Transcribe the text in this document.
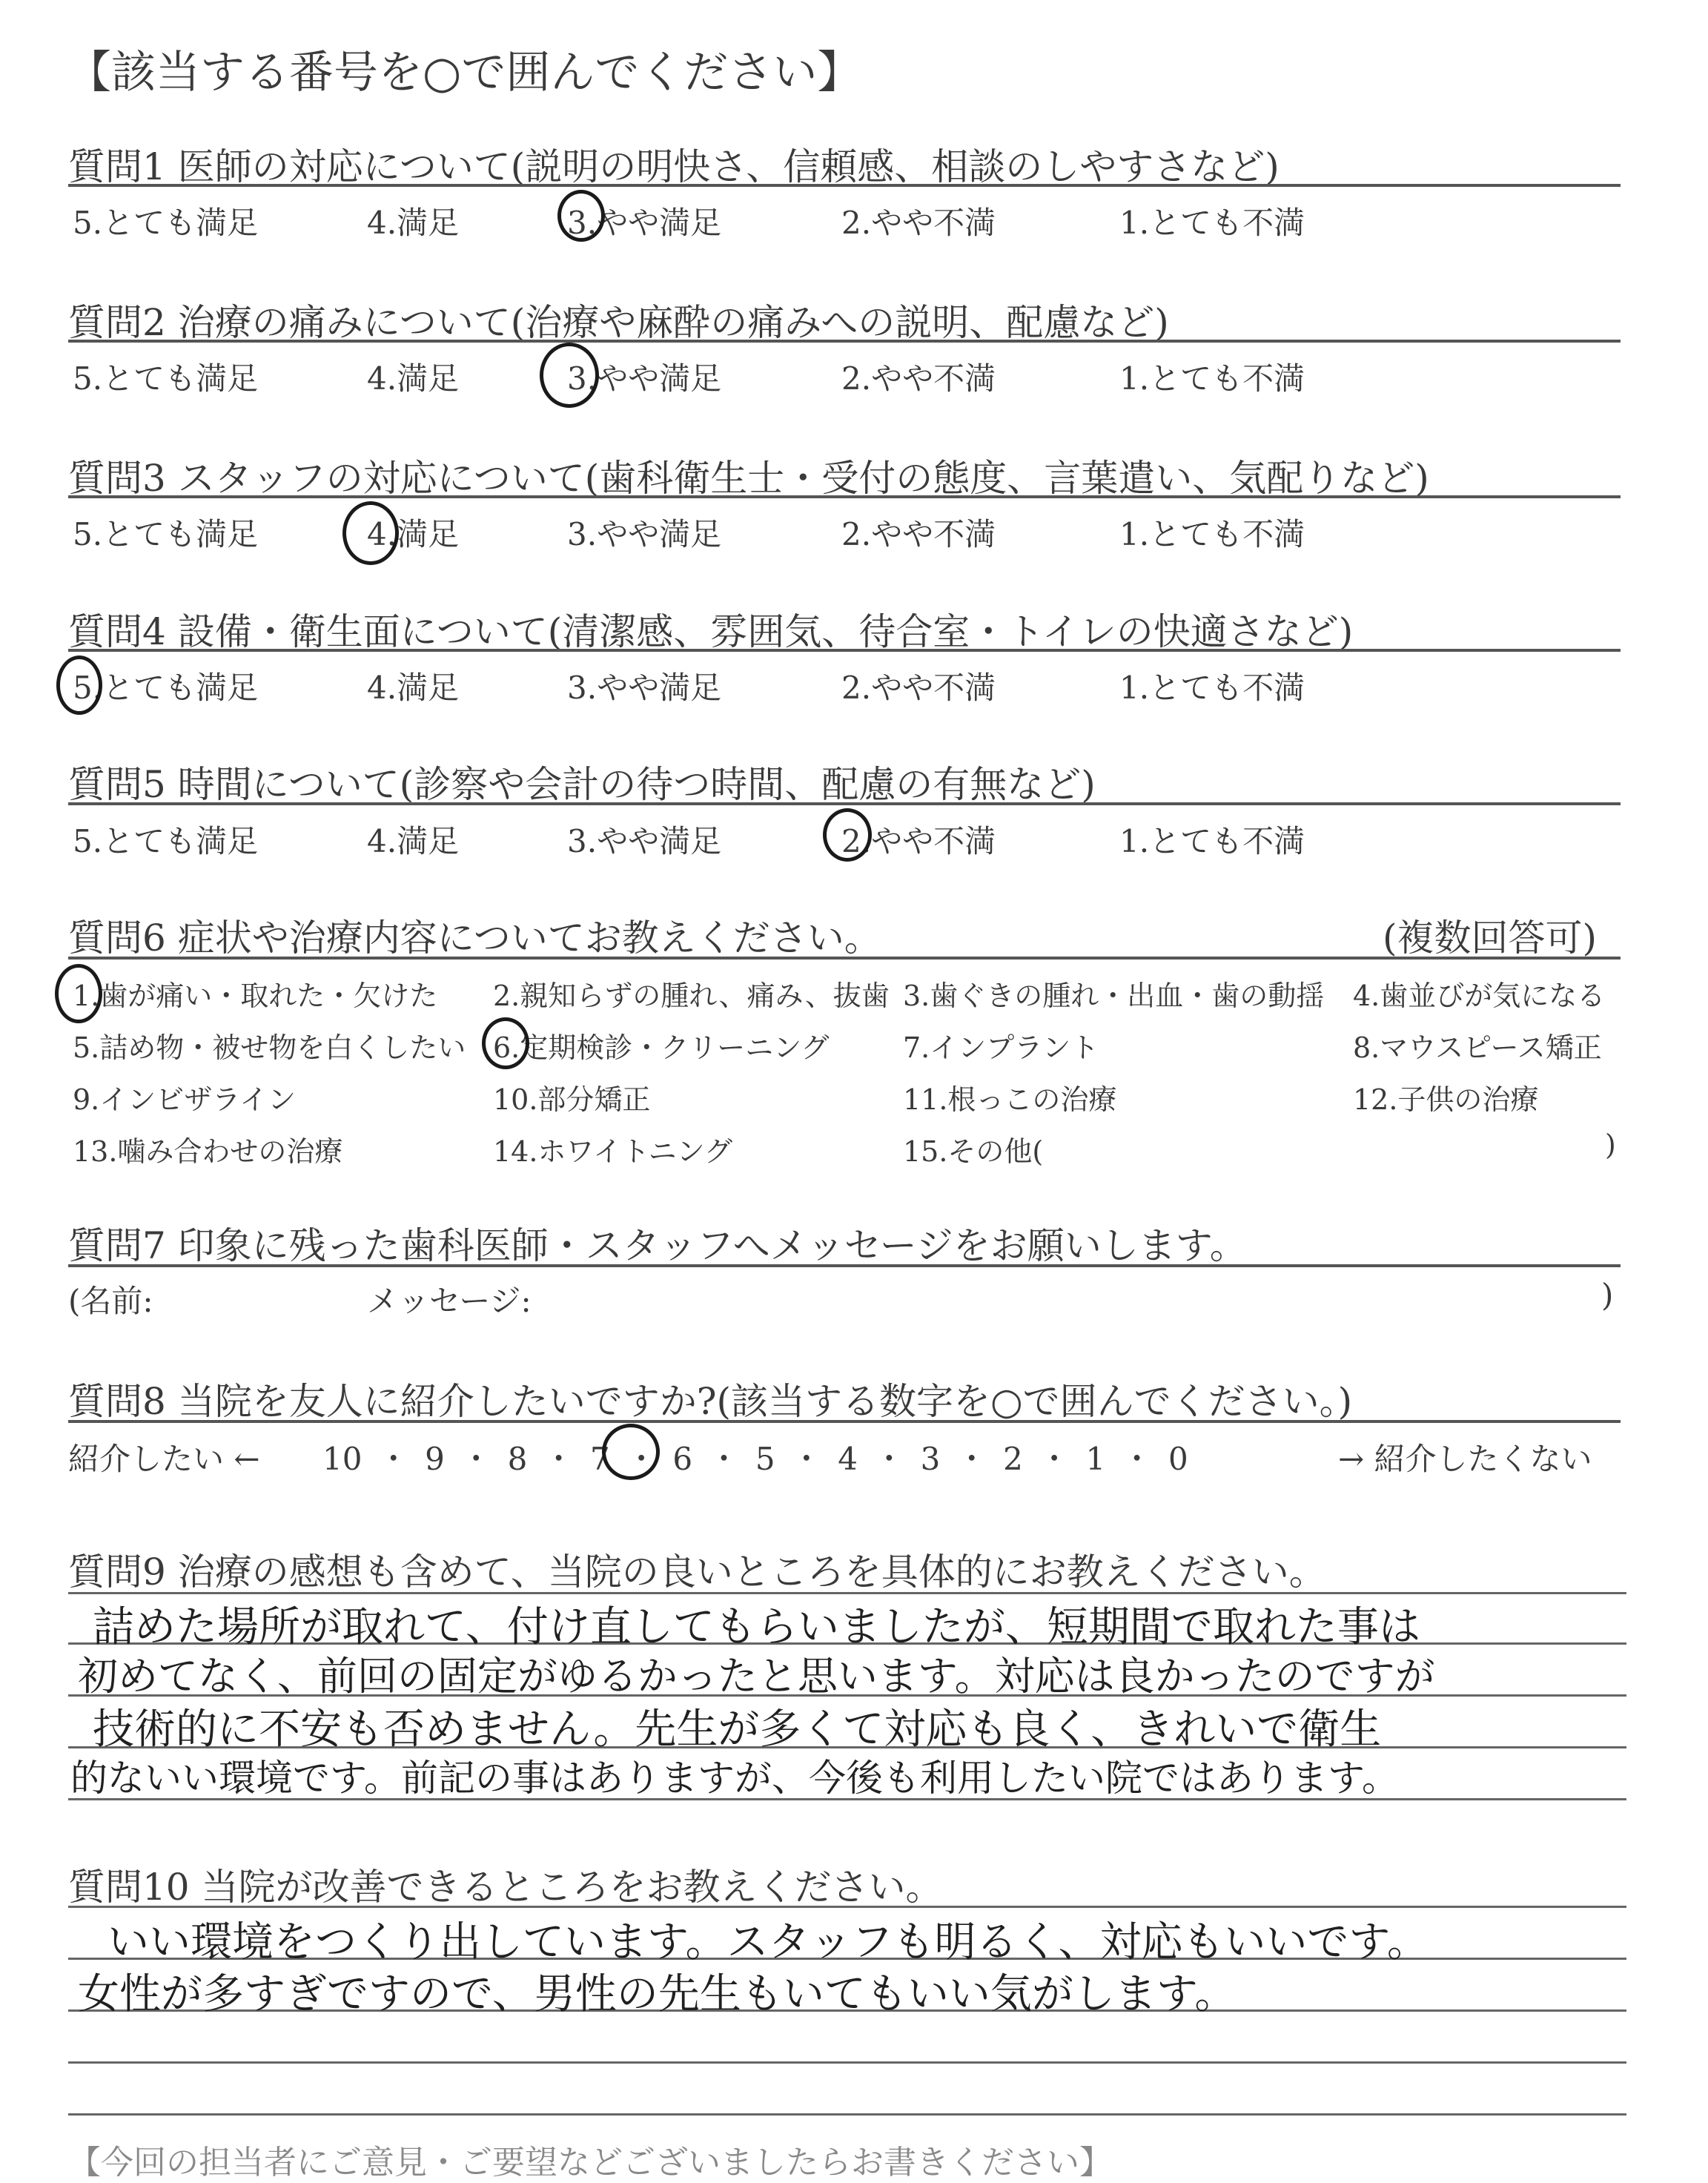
【該当する番号を○で囲んでください】
質問1 医師の対応について(説明の明快さ、信頼感、相談のしやすさなど)
5.とても満足	4.満足	3.やや満足	2.やや不満	1.とても不満
質問2 治療の痛みについて(治療や麻酔の痛みへの説明、配慮など)
5.とても満足	4.満足	3.やや満足	2.やや不満	1.とても不満
質問3 スタッフの対応について(歯科衛生士・受付の態度、言葉遣い、気配りなど)
5.とても満足	4.満足	3.やや満足	2.やや不満	1.とても不満
質問4 設備・衛生面について(清潔感、雰囲気、待合室・トイレの快適さなど)
5.とても満足	4.満足	3.やや満足	2.やや不満	1.とても不満
質問5 時間について(診察や会計の待つ時間、配慮の有無など)
5.とても満足	4.満足	3.やや満足	2.やや不満	1.とても不満
質問6 症状や治療内容についてお教えください。	(複数回答可)
1.歯が痛い・取れた・欠けた 2.親知らずの腫れ、痛み、抜歯 3.歯ぐきの腫れ・出血・歯の動揺 4.歯並びが気になる
5.詰め物・被せ物を白くしたい 6.定期検診・クリーニング	7.インプラント	8.マウスピース矯正
9.インビザライン	10.部分矯正	11.根っこの治療	12.子供の治療
13.噛み合わせの治療	14.ホワイトニング	15.その他(	)
質問7 印象に残った歯科医師・スタッフへメッセージをお願いします。
(名前:	メッセージ:	)
質問8 当院を友人に紹介したいですか?(該当する数字を○で囲んでください。)
紹介したい ← 10 ・ 9 ・ 8 ・ 7 ・ 6 ・ 5 ・ 4 ・ 3 ・ 2 ・ 1 ・ 0	→ 紹介したくない
質問9 治療の感想も含めて、当院の良いところを具体的にお教えください。
詰めた場所が取れて、付け直してもらいましたが、短期間で取れた事は
初めてなく、前回の固定がゆるかったと思います。対応は良かったのですが
技術的に不安も否めません。先生が多くて対応も良く、きれいで衛生
的ないい環境です。前記の事はありますが、今後も利用したい院ではあります。
質問10 当院が改善できるところをお教えください。
いい環境をつくり出しています。スタッフも明るく、対応もいいです。
女性が多すぎですので、男性の先生もいてもいい気がします。
【今回の担当者にご意見・ご要望などございましたらお書きください】
